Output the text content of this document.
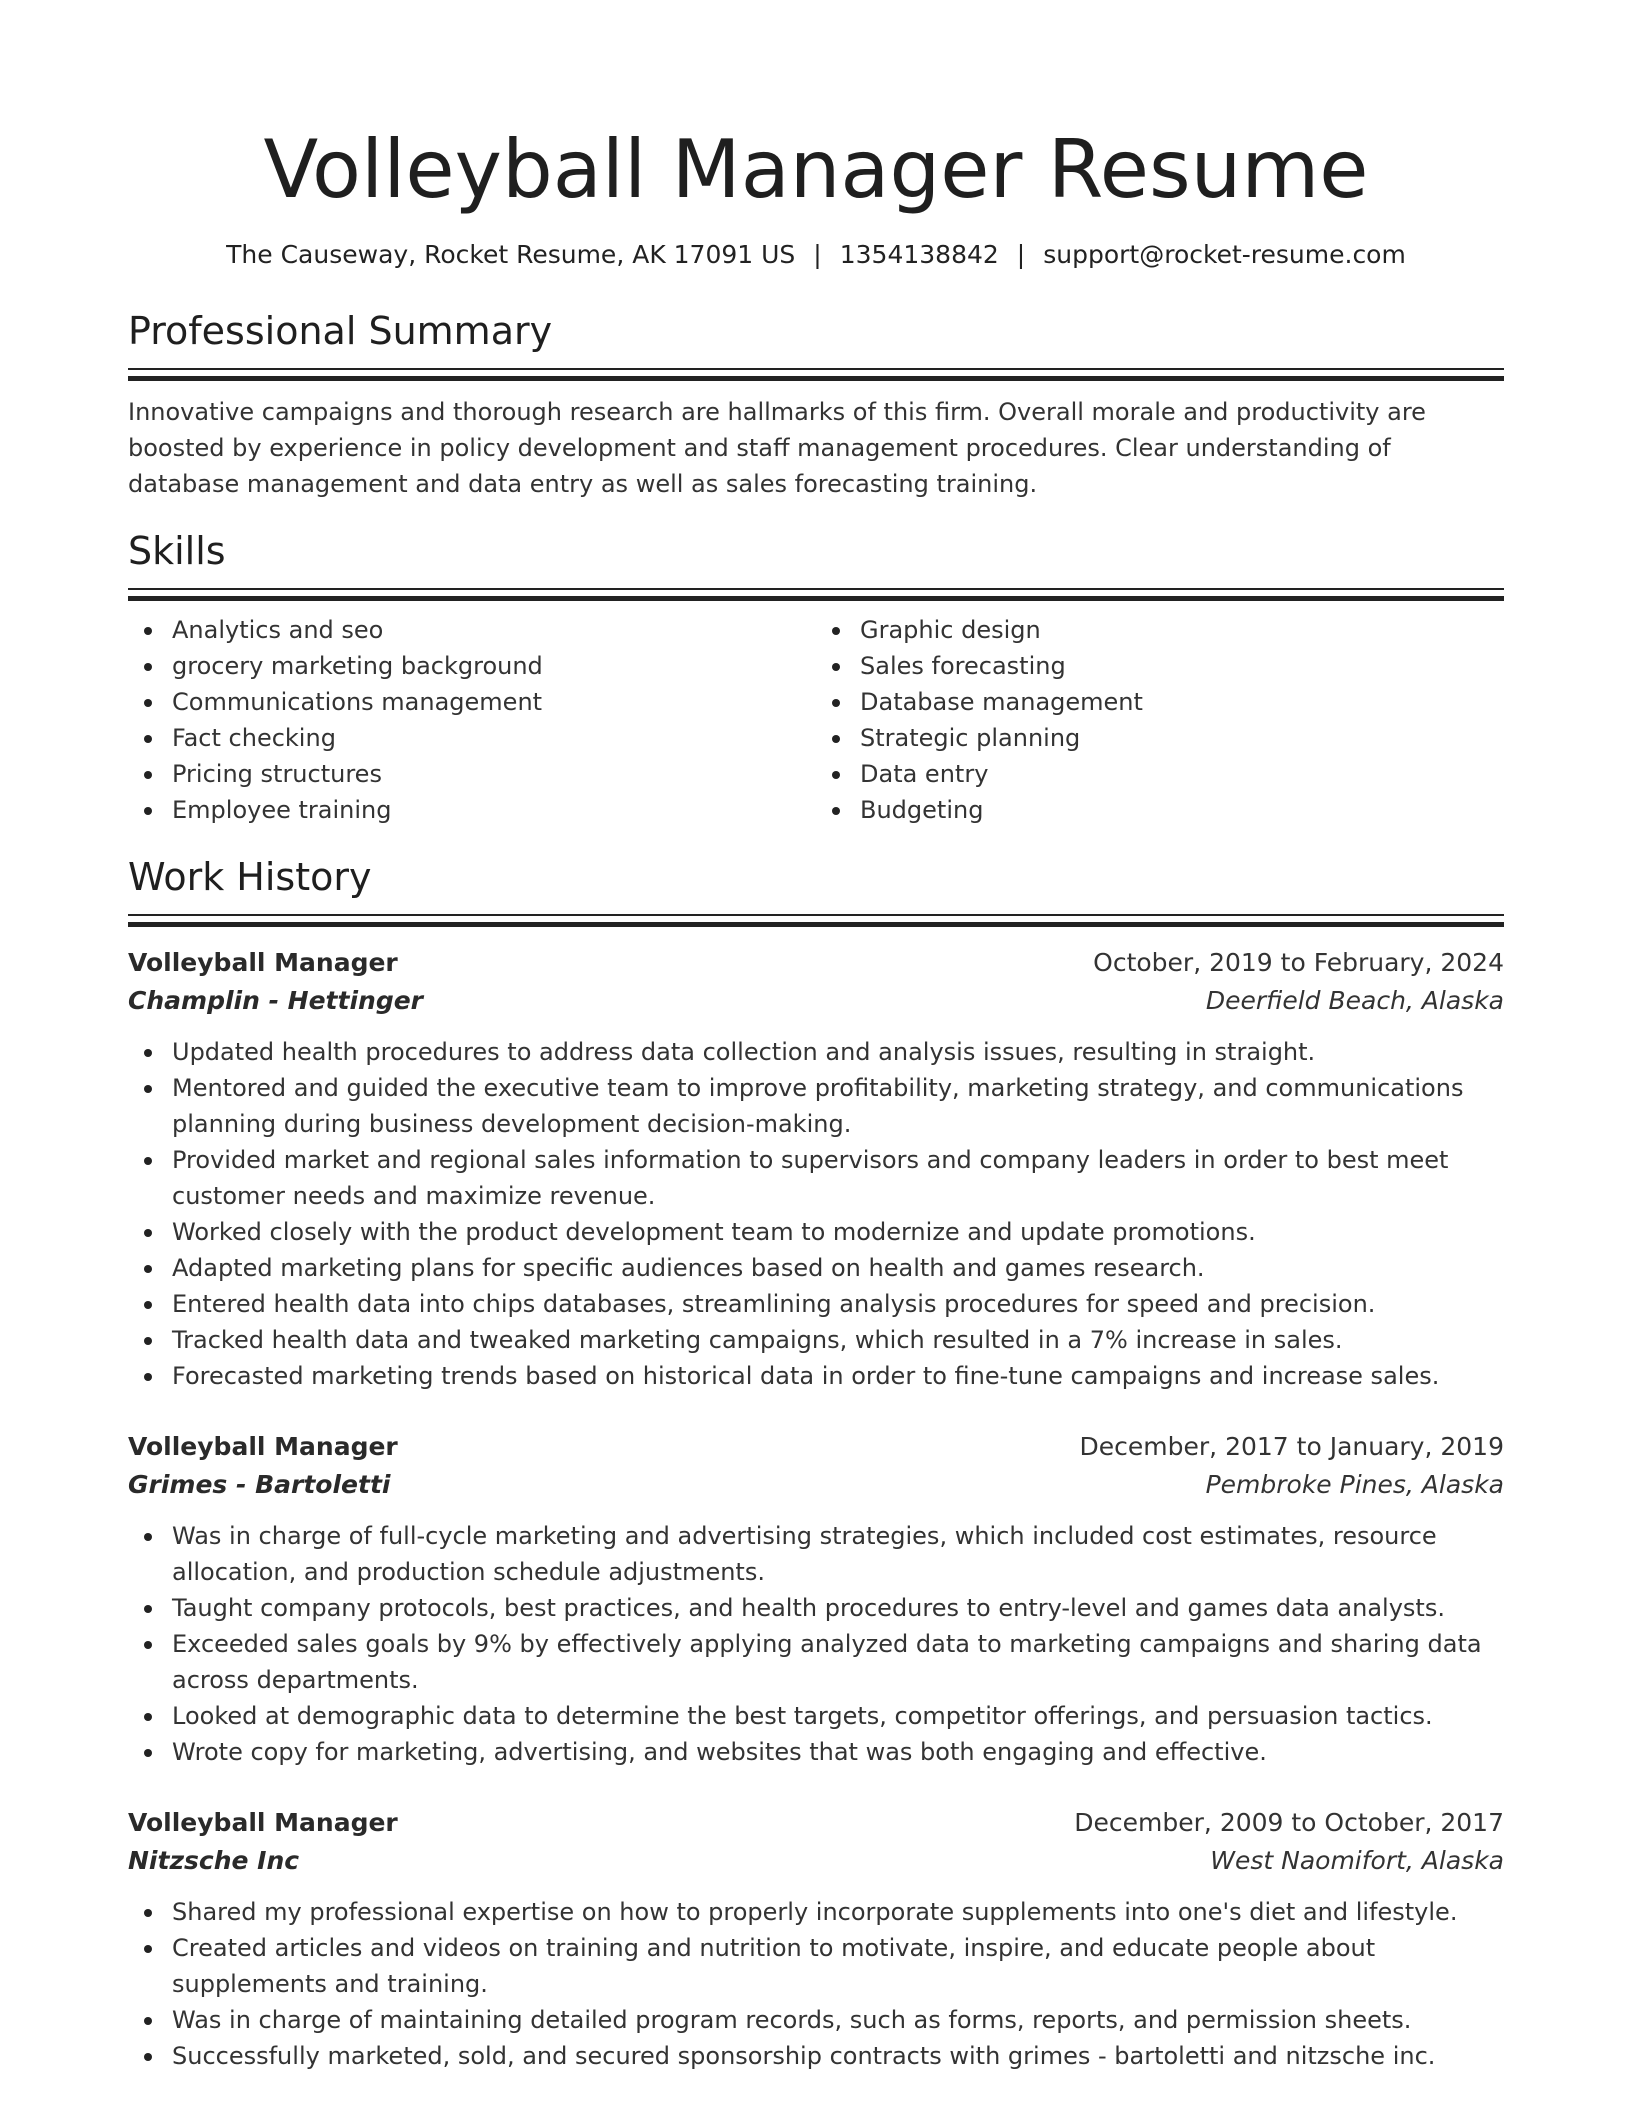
Volleyball Manager Resume
The Causeway, Rocket Resume, AK 17091 US | 1354138842 | support@rocket-resume.com
Professional Summary

Innovative campaigns and thorough research are hallmarks of this firm. Overall morale and productivity are boosted by experience in policy development and staff management procedures. Clear understanding of database management and data entry as well as sales forecasting training.

Skills
Analytics and seo
grocery marketing background
Communications management
Fact checking
Pricing structures
Employee training
Graphic design
Sales forecasting
Database management
Strategic planning
Data entry
Budgeting
Work History
Volleyball Manager	October, 2019 to February, 2024
Champlin - Hettinger	Deerfield Beach, Alaska
Updated health procedures to address data collection and analysis issues, resulting in straight.
Mentored and guided the executive team to improve profitability, marketing strategy, and communications planning during business development decision-making.
Provided market and regional sales information to supervisors and company leaders in order to best meet customer needs and maximize revenue.
Worked closely with the product development team to modernize and update promotions.
Adapted marketing plans for specific audiences based on health and games research.
Entered health data into chips databases, streamlining analysis procedures for speed and precision.
Tracked health data and tweaked marketing campaigns, which resulted in a 7% increase in sales.
Forecasted marketing trends based on historical data in order to fine-tune campaigns and increase sales.
Volleyball Manager	December, 2017 to January, 2019
Grimes - Bartoletti	Pembroke Pines, Alaska
Was in charge of full-cycle marketing and advertising strategies, which included cost estimates, resource allocation, and production schedule adjustments.
Taught company protocols, best practices, and health procedures to entry-level and games data analysts.
Exceeded sales goals by 9% by effectively applying analyzed data to marketing campaigns and sharing data across departments.
Looked at demographic data to determine the best targets, competitor offerings, and persuasion tactics.
Wrote copy for marketing, advertising, and websites that was both engaging and effective.
Volleyball Manager	December, 2009 to October, 2017
Nitzsche Inc	West Naomifort, Alaska
Shared my professional expertise on how to properly incorporate supplements into one's diet and lifestyle.
Created articles and videos on training and nutrition to motivate, inspire, and educate people about supplements and training.
Was in charge of maintaining detailed program records, such as forms, reports, and permission sheets.
Successfully marketed, sold, and secured sponsorship contracts with grimes - bartoletti and nitzsche inc.
